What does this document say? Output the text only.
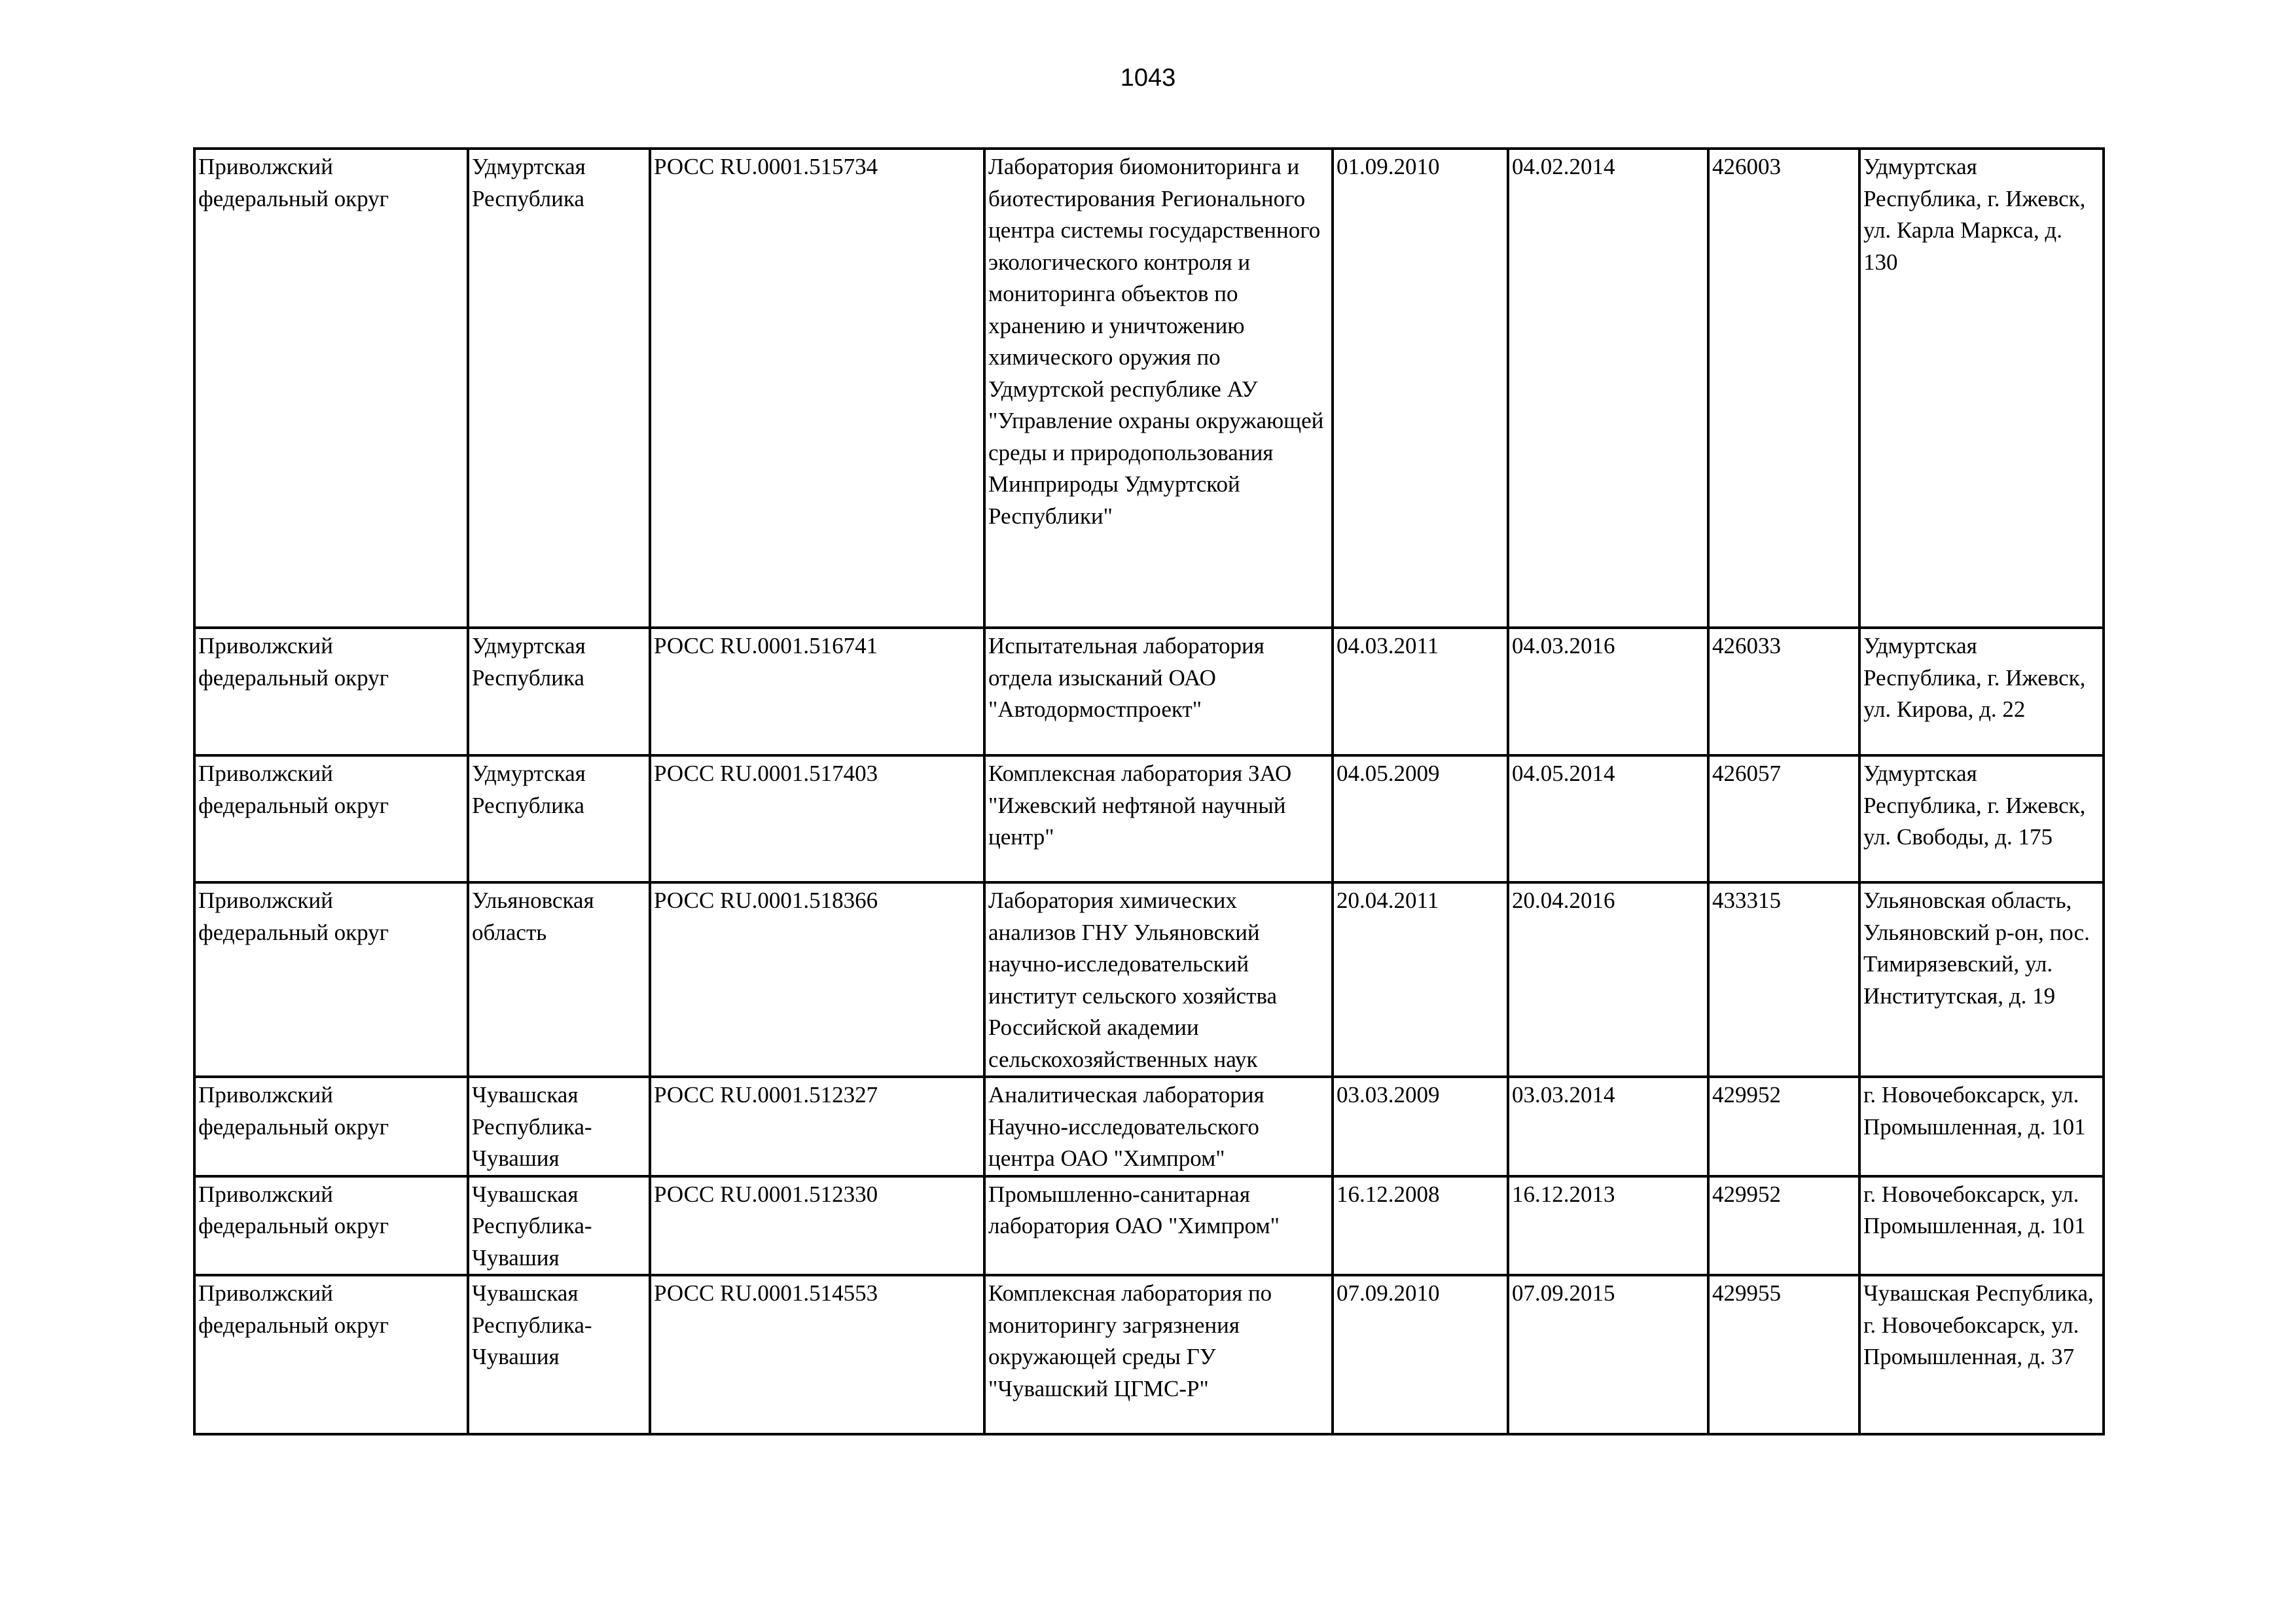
1043
Приволжский федеральный округ	Удмуртская Республика	РОСС RU.0001.515734	Лаборатория биомониторинга и биотестирования Регионального центра системы государственного экологического контроля и мониторинга объектов по хранению и уничтожению химического оружия по Удмуртской республике АУ "Управление охраны окружающей среды и природопользования Минприроды Удмуртской Республики"	01.09.2010	04.02.2014	426003	Удмуртская Республика, г. Ижевск, ул. Карла Маркса, д. 130
Приволжский федеральный округ	Удмуртская Республика	РОСС RU.0001.516741	Испытательная лаборатория отдела изысканий ОАО "Автодормостпроект"	04.03.2011	04.03.2016	426033	Удмуртская Республика, г. Ижевск, ул. Кирова, д. 22
Приволжский федеральный округ	Удмуртская Республика	РОСС RU.0001.517403	Комплексная лаборатория ЗАО "Ижевский нефтяной научный центр"	04.05.2009	04.05.2014	426057	Удмуртская Республика, г. Ижевск, ул. Свободы, д. 175
Приволжский федеральный округ	Ульяновская область	РОСС RU.0001.518366	Лаборатория химических анализов ГНУ Ульяновский научно-исследовательский институт сельского хозяйства Российской академии сельскохозяйственных наук	20.04.2011	20.04.2016	433315	Ульяновская область, Ульяновский р-он, пос. Тимирязевский, ул. Институтская, д. 19
Приволжский федеральный округ	Чувашская Республика-Чувашия	РОСС RU.0001.512327	Аналитическая лаборатория Научно-исследовательского центра ОАО "Химпром"	03.03.2009	03.03.2014	429952	г. Новочебоксарск, ул. Промышленная, д. 101
Приволжский федеральный округ	Чувашская Республика-Чувашия	РОСС RU.0001.512330	Промышленно-санитарная лаборатория ОАО "Химпром"	16.12.2008	16.12.2013	429952	г. Новочебоксарск, ул. Промышленная, д. 101
Приволжский федеральный округ	Чувашская Республика-Чувашия	РОСС RU.0001.514553	Комплексная лаборатория по мониторингу загрязнения окружающей среды ГУ "Чувашский ЦГМС-Р"	07.09.2010	07.09.2015	429955	Чувашская Республика, г. Новочебоксарск, ул. Промышленная, д. 37
